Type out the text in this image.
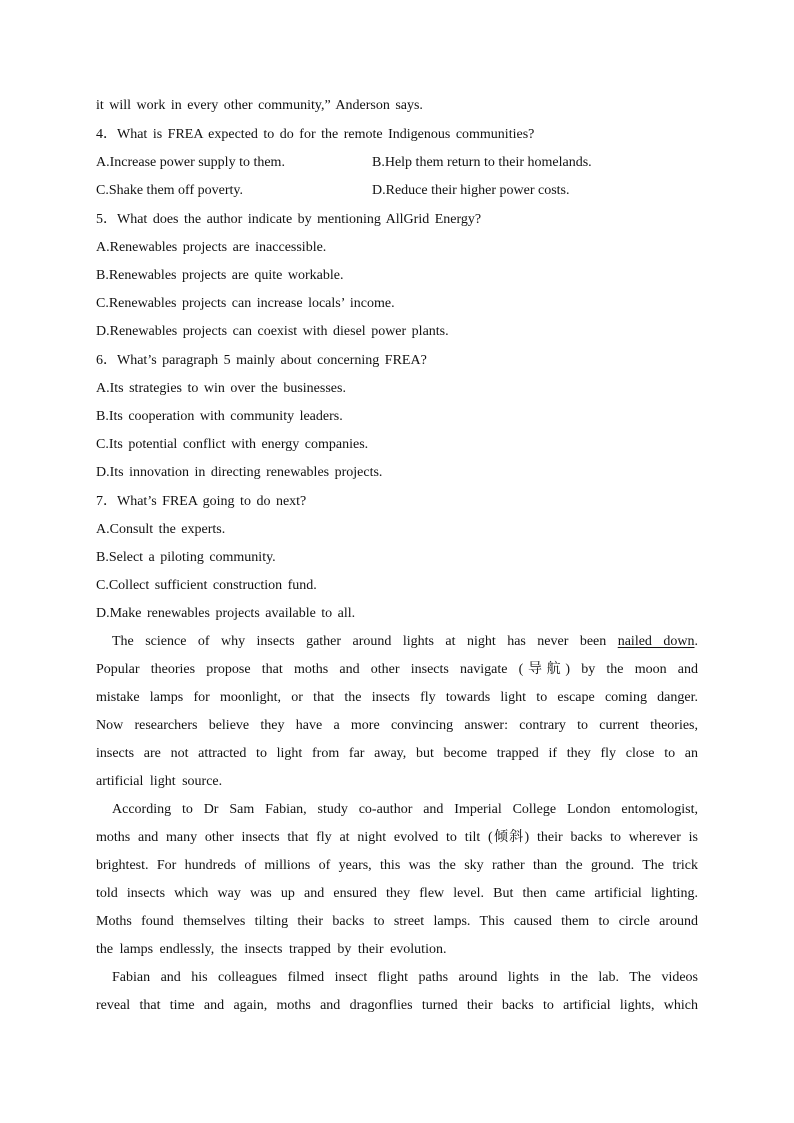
it will work in every other community,” Anderson says.
4．What is FREA expected to do for the remote Indigenous communities?
A.Increase power supply to them.	B.Help them return to their homelands.
C.Shake them off poverty.	D.Reduce their higher power costs.
5．What does the author indicate by mentioning AllGrid Energy?
A.Renewables projects are inaccessible.
B.Renewables projects are quite workable.
C.Renewables projects can increase locals’ income.
D.Renewables projects can coexist with diesel power plants.
6．What’s paragraph 5 mainly about concerning FREA?
A.Its strategies to win over the businesses.
B.Its cooperation with community leaders.
C.Its potential conflict with energy companies.
D.Its innovation in directing renewables projects.
7．What’s FREA going to do next?
A.Consult the experts.
B.Select a piloting community.
C.Collect sufficient construction fund.
D.Make renewables projects available to all.
The science of why insects gather around lights at night has never been nailed down.
Popular theories propose that moths and other insects navigate (导航) by the moon and
mistake lamps for moonlight, or that the insects fly towards light to escape coming danger.
Now researchers believe they have a more convincing answer: contrary to current theories,
insects are not attracted to light from far away, but become trapped if they fly close to an
artificial light source.
According to Dr Sam Fabian, study co-author and Imperial College London entomologist,
moths and many other insects that fly at night evolved to tilt (倾斜) their backs to wherever is
brightest. For hundreds of millions of years, this was the sky rather than the ground. The trick
told insects which way was up and ensured they flew level. But then came artificial lighting.
Moths found themselves tilting their backs to street lamps. This caused them to circle around
the lamps endlessly, the insects trapped by their evolution.
Fabian and his colleagues filmed insect flight paths around lights in the lab. The videos
reveal that time and again, moths and dragonflies turned their backs to artificial lights, which
